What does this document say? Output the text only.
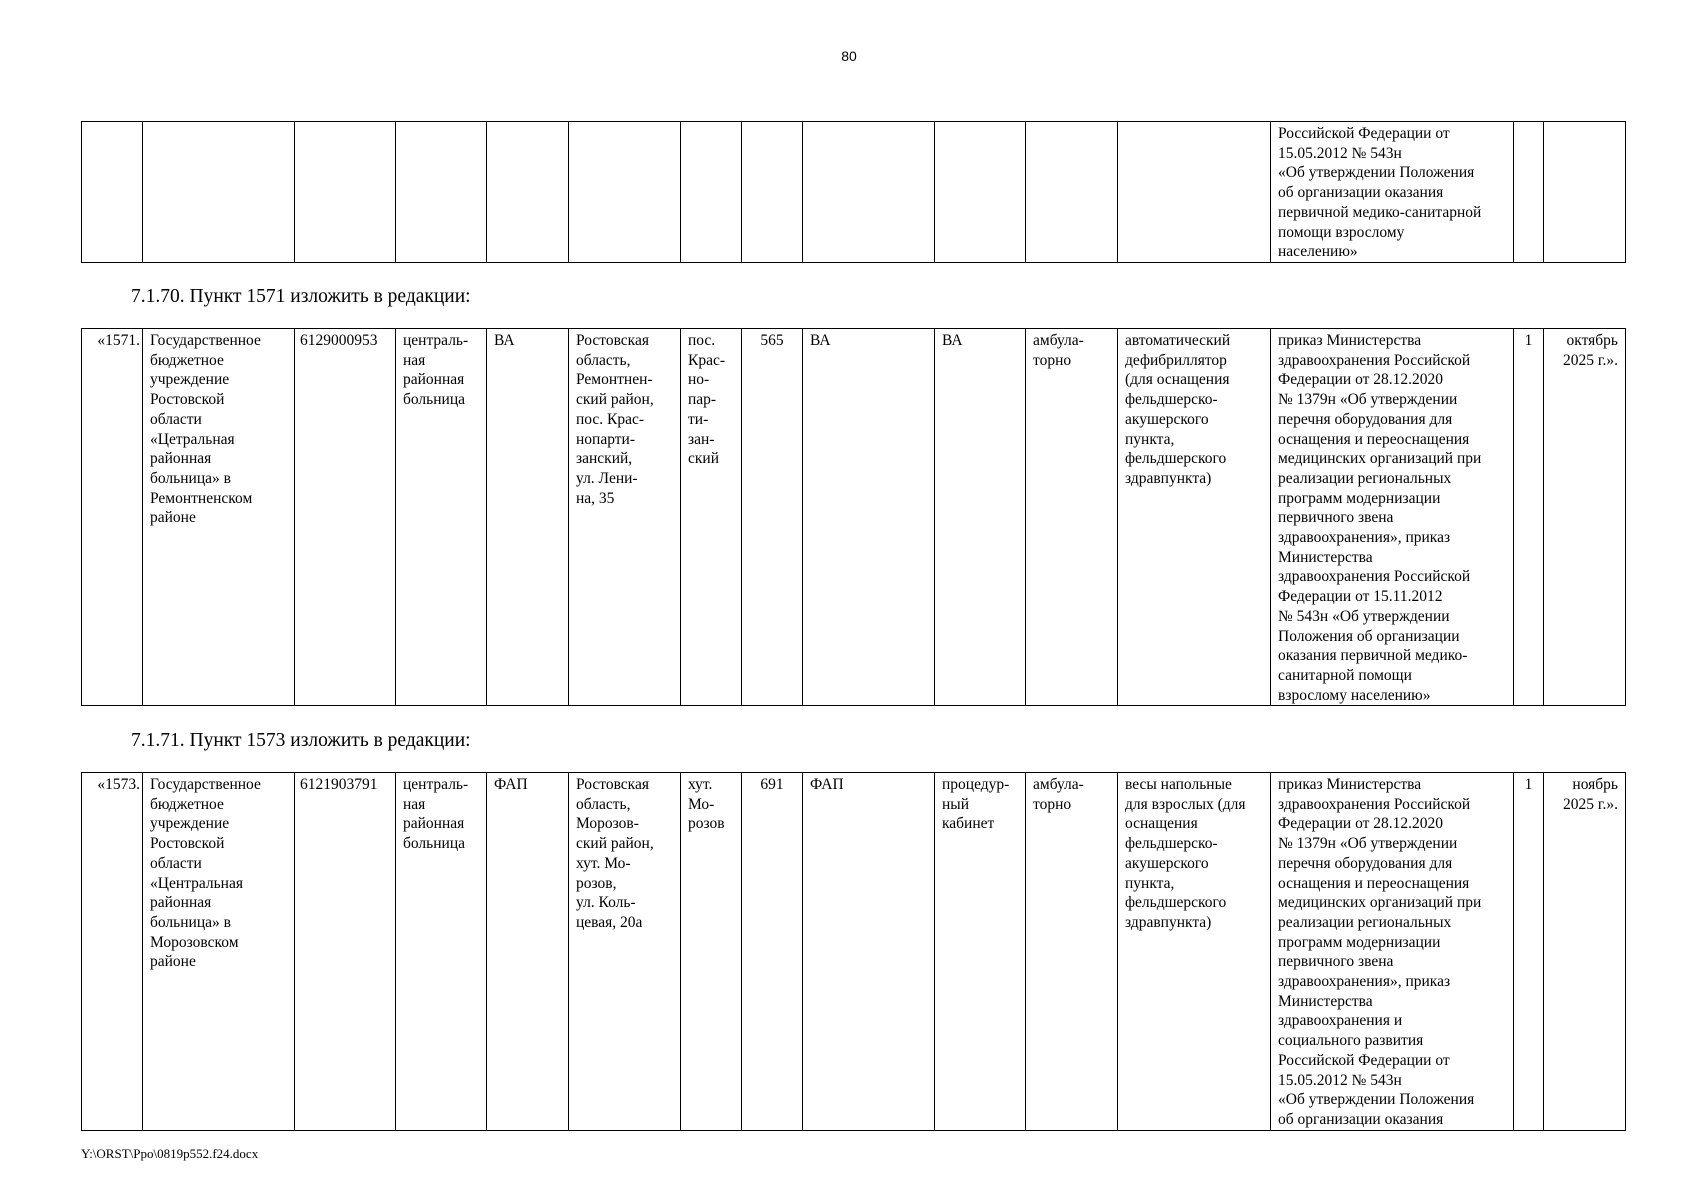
80
												Российской Федерации от
15.05.2012 № 543н
«Об утверждении Положения
об организации оказания
первичной медико-санитарной
помощи взрослому
населению»		
7.1.70. Пункт 1571 изложить в редакции:
«1571.	Государственное
бюджетное
учреждение
Ростовской
области
«Цетральная
районная
больница» в
Ремонтненском
районе	6129000953	централь-
ная
районная
больница	ВА	Ростовская
область,
Ремонтнен-
ский район,
пос. Крас-
нопарти-
занский,
ул. Лени-
на, 35	пос.
Крас-
но-
пар-
ти-
зан-
ский	565	ВА	ВА	амбула-
торно	автоматический
дефибриллятор
(для оснащения
фельдшерско-
акушерского
пункта,
фельдшерского
здравпункта)	приказ Министерства
здравоохранения Российской
Федерации от 28.12.2020
№ 1379н «Об утверждении
перечня оборудования для
оснащения и переоснащения
медицинских организаций при
реализации региональных
программ модернизации
первичного звена
здравоохранения», приказ
Министерства
здравоохранения Российской
Федерации от 15.11.2012
№ 543н «Об утверждении
Положения об организации
оказания первичной медико-
санитарной помощи
взрослому населению»	1	октябрь
2025 г.».
7.1.71. Пункт 1573 изложить в редакции:
«1573.	Государственное
бюджетное
учреждение
Ростовской
области
«Центральная
районная
больница» в
Морозовском
районе	6121903791	централь-
ная
районная
больница	ФАП	Ростовская
область,
Морозов-
ский район,
хут. Мо-
розов,
ул. Коль-
цевая, 20а	хут.
Мо-
розов	691	ФАП	процедур-
ный
кабинет	амбула-
торно	весы напольные
для взрослых (для
оснащения
фельдшерско-
акушерского
пункта,
фельдшерского
здравпункта)	приказ Министерства
здравоохранения Российской
Федерации от 28.12.2020
№ 1379н «Об утверждении
перечня оборудования для
оснащения и переоснащения
медицинских организаций при
реализации региональных
программ модернизации
первичного звена
здравоохранения», приказ
Министерства
здравоохранения и
социального развития
Российской Федерации от
15.05.2012 № 543н
«Об утверждении Положения
об организации оказания	1	ноябрь
2025 г.».
Y:\ORST\Ppo\0819p552.f24.docx
